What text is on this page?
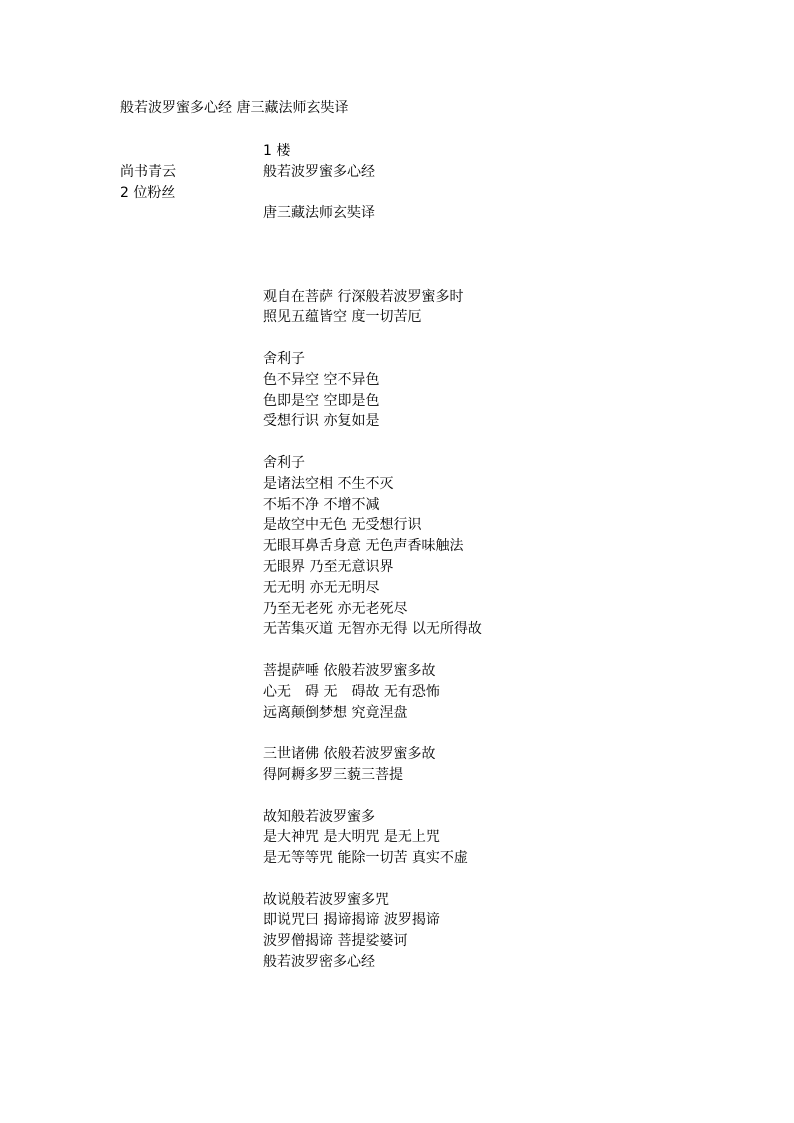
般若波罗蜜多心经 唐三藏法师玄奘译
尚书青云
2 位粉丝
1 楼
般若波罗蜜多心经
唐三藏法师玄奘译
观自在菩萨 行深般若波罗蜜多时
照见五蕴皆空 度一切苦厄
舍利子
色不异空 空不异色
色即是空 空即是色
受想行识 亦复如是
舍利子
是诸法空相 不生不灭
不垢不净 不增不减
是故空中无色 无受想行识
无眼耳鼻舌身意 无色声香味触法
无眼界 乃至无意识界
无无明 亦无无明尽
乃至无老死 亦无老死尽
无苦集灭道 无智亦无得 以无所得故
菩提萨唾 依般若波罗蜜多故
心无　碍 无　碍故 无有恐怖
远离颠倒梦想 究竟涅盘
三世诸佛 依般若波罗蜜多故
得阿耨多罗三藐三菩提
故知般若波罗蜜多
是大神咒 是大明咒 是无上咒
是无等等咒 能除一切苦 真实不虚
故说般若波罗蜜多咒
即说咒曰 揭谛揭谛 波罗揭谛
波罗僧揭谛 菩提娑婆诃
般若波罗密多心经
